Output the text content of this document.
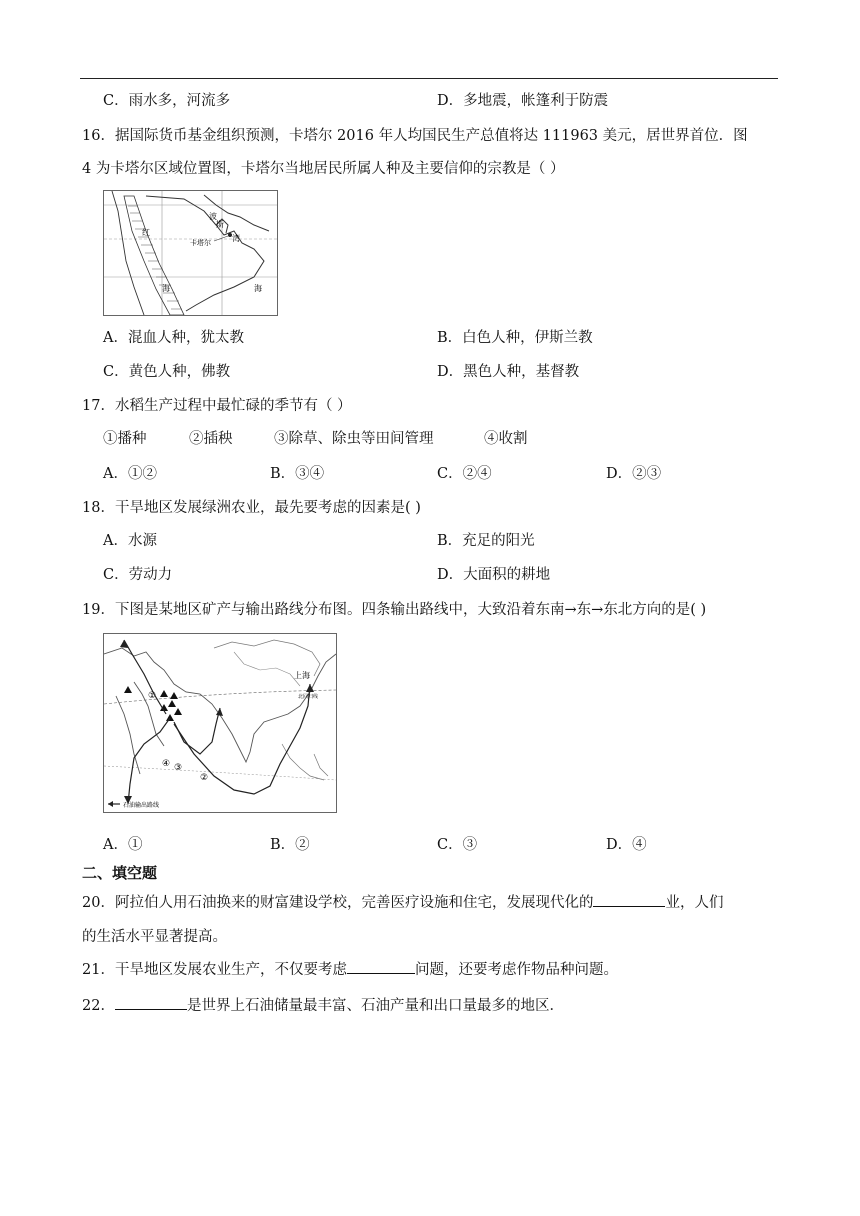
C．雨水多，河流多	D．多地震，帐篷利于防震
16．据国际货币基金组织预测，卡塔尔 2016 年人均国民生产总值将达 111963 美元，居世界首位．图
4 为卡塔尔区域位置图，卡塔尔当地居民所属人种及主要信仰的宗教是（ ）
波
斯
湾
卡塔尔
红
海	海
A．混血人种，犹太教	B．白色人种，伊斯兰教
C．黄色人种，佛教	D．黑色人种，基督教
17．水稻生产过程中最忙碌的季节有（ ）
①播种	②插秧	③除草、除虫等田间管理	④收割
A．①②	B．③④	C．②④	D．②③
18．干旱地区发展绿洲农业，最先要考虑的因素是( )
A．水源	B．充足的阳光
C．劳动力	D．大面积的耕地
19．下图是某地区矿产与输出路线分布图。四条输出路线中，大致沿着东南→东→东北方向的是( )
上海
北回归线
①
②
③
④
石油输出路线
A．①	B．②	C．③	D．④
二、填空题
20．阿拉伯人用石油换来的财富建设学校，完善医疗设施和住宅，发展现代化的	业，人们
的生活水平显著提高。
21．干旱地区发展农业生产，不仅要考虑	问题，还要考虑作物品种问题。
22．	是世界上石油储量最丰富、石油产量和出口量最多的地区．
